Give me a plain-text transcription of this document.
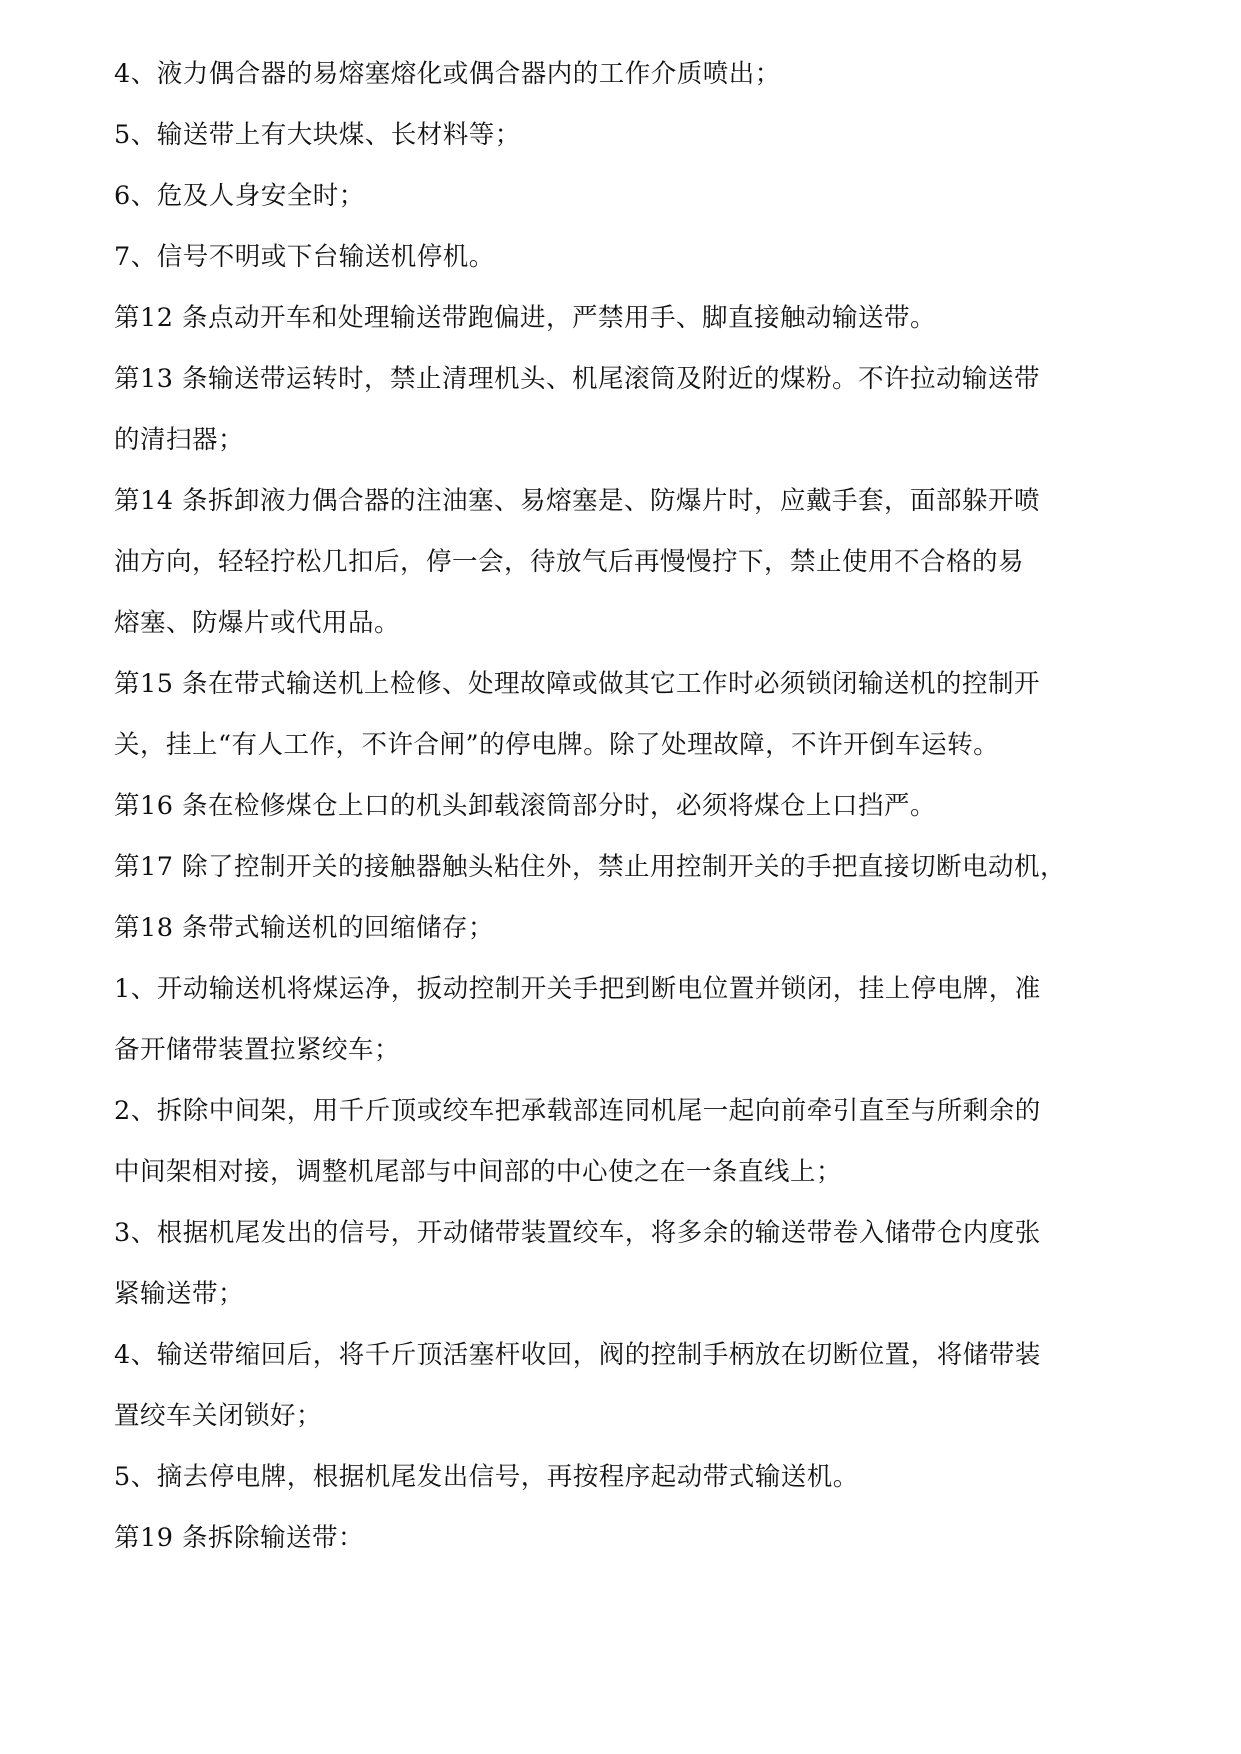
4、液力偶合器的易熔塞熔化或偶合器内的工作介质喷出；

5、输送带上有大块煤、长材料等；

6、危及人身安全时；

7、信号不明或下台输送机停机。

第12 条点动开车和处理输送带跑偏进，严禁用手、脚直接触动输送带。

第13 条输送带运转时，禁止清理机头、机尾滚筒及附近的煤粉。不许拉动输送带
的清扫器；

第14 条拆卸液力偶合器的注油塞、易熔塞是、防爆片时，应戴手套，面部躲开喷
油方向，轻轻拧松几扣后，停一会，待放气后再慢慢拧下，禁止使用不合格的易
熔塞、防爆片或代用品。

第15 条在带式输送机上检修、处理故障或做其它工作时必须锁闭输送机的控制开
关，挂上“有人工作，不许合闸”的停电牌。除了处理故障，不许开倒车运转。

第16 条在检修煤仓上口的机头卸载滚筒部分时，必须将煤仓上口挡严。

第17 除了控制开关的接触器触头粘住外，禁止用控制开关的手把直接切断电动机，

第18 条带式输送机的回缩储存；

1、开动输送机将煤运净，扳动控制开关手把到断电位置并锁闭，挂上停电牌，准
备开储带装置拉紧绞车；

2、拆除中间架，用千斤顶或绞车把承载部连同机尾一起向前牵引直至与所剩余的
中间架相对接，调整机尾部与中间部的中心使之在一条直线上；

3、根据机尾发出的信号，开动储带装置绞车，将多余的输送带卷入储带仓内度张
紧输送带；

4、输送带缩回后，将千斤顶活塞杆收回，阀的控制手柄放在切断位置，将储带装
置绞车关闭锁好；

5、摘去停电牌，根据机尾发出信号，再按程序起动带式输送机。

第19 条拆除输送带：
